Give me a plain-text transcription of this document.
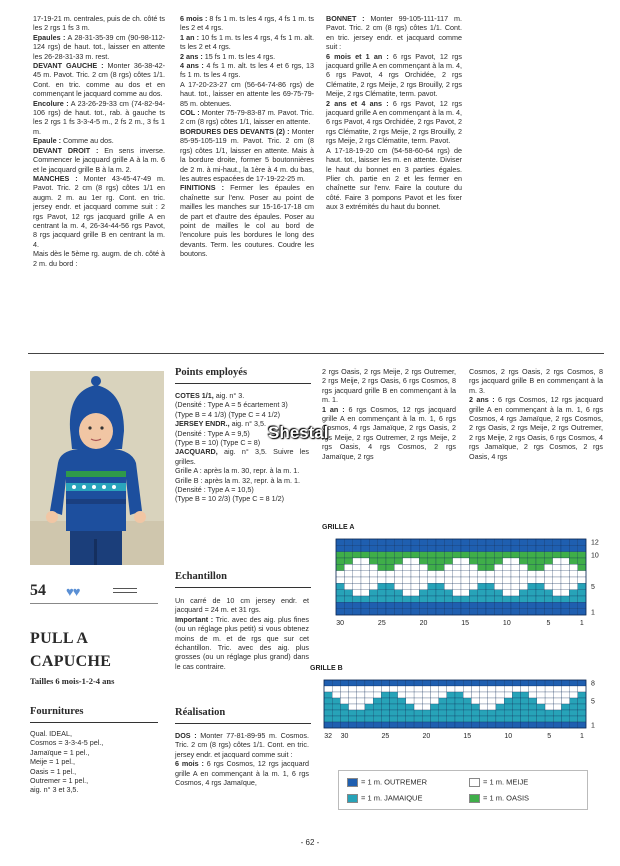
17-19-21 m. centrales, puis de ch. côté ts les 2 rgs 1 fs 3 m.

Epaules : A 28-31-35-39 cm (90-98-112-124 rgs) de haut. tot., laisser en attente les 26-28-31-33 m. rest.

DEVANT GAUCHE : Monter 36-38-42-45 m. Pavot. Tric. 2 cm (8 rgs) côtes 1/1. Cont. en tric. comme au dos et en commençant le jacquard comme au dos.

Encolure : A 23-26-29-33 cm (74-82-94-106 rgs) de haut. tot., rab. à gauche ts les 2 rgs 1 fs 3-3-4-5 m., 2 fs 2 m., 3 fs 1 m.

Epaule : Comme au dos.

DEVANT DROIT : En sens inverse. Commencer le jacquard grille A à la m. 6 et le jacquard grille B à la m. 2.

MANCHES : Monter 43-45-47-49 m. Pavot. Tric. 2 cm (8 rgs) côtes 1/1 en augm. 2 m. au 1er rg. Cont. en tric. jersey endr. et jacquard comme suit : 2 rgs Pavot, 12 rgs jacquard grille A en centrant la m. 4, 26-34-44-56 rgs Pavot, 8 rgs jacquard grille B en centrant la m. 4.

Mais dès le 5ème rg. augm. de ch. côté à 2 m. du bord :

6 mois : 8 fs 1 m. ts les 4 rgs, 4 fs 1 m. ts les 2 et 4 rgs.

1 an : 10 fs 1 m. ts les 4 rgs, 4 fs 1 m. alt. ts les 2 et 4 rgs.

2 ans : 15 fs 1 m. ts les 4 rgs.

4 ans : 4 fs 1 m. alt. ts les 4 et 6 rgs, 13 fs 1 m. ts les 4 rgs.

A 17-20-23-27 cm (56-64-74-86 rgs) de haut. tot., laisser en attente les 69-75-79-85 m. obtenues.

COL : Monter 75-79-83-87 m. Pavot. Tric. 2 cm (8 rgs) côtes 1/1, laisser en attente.

BORDURES DES DEVANTS (2) : Monter 85-95-105-119 m. Pavot. Tric. 2 cm (8 rgs) côtes 1/1, laisser en attente. Mais à la bordure droite, former 5 boutonnières de 2 m. à mi-haut., la 1ère à 4 m. du bas, les autres espacées de 17-19-22-25 m.

FINITIONS : Fermer les épaules en chaînette sur l'env. Poser au point de mailles les manches sur 15-16-17-18 cm de part et d'autre des épaules. Poser au point de mailles le col au bord de l'encolure puis les bordures le long des devants. Term. les coutures. Coudre les boutons.

BONNET : Monter 99-105-111-117 m. Pavot. Tric. 2 cm (8 rgs) côtes 1/1. Cont. en tric. jersey endr. et jacquard comme suit :

6 mois et 1 an : 6 rgs Pavot, 12 rgs jacquard grille A en commençant à la m. 4, 6 rgs Pavot, 4 rgs Orchidée, 2 rgs Clématite, 2 rgs Meije, 2 rgs Brouilly, 2 rgs Meije, 2 rgs Clématite, term. pavot.

2 ans et 4 ans : 6 rgs Pavot, 12 rgs jacquard grille A en commençant à la m. 4, 6 rgs Pavot, 4 rgs Orchidée, 2 rgs Pavot, 2 rgs Clématite, 2 rgs Meije, 2 rgs Brouilly, 2 rgs Meije, 2 rgs Clématite, term. Pavot.

A 17-18-19-20 cm (54-58-60-64 rgs) de haut. tot., laisser les m. en attente. Diviser le haut du bonnet en 3 parties égales. Plier ch. partie en 2 et les fermer en chaînette sur l'env. Faire la couture du côté. Faire 3 pompons Pavot et les fixer aux 3 extrémités du haut du bonnet.

54 ♥♥
PULL A
CAPUCHE
Tailles 6 mois-1-2-4 ans
Fournitures

Qual. IDEAL,

Cosmos = 3-3-4-5 pel.,

Jamaïque = 1 pel.,

Meije = 1 pel.,

Oasis = 1 pel.,

Outremer = 1 pel.,

aig. n° 3 et 3,5.

Points employés

COTES 1/1, aig. n° 3.

(Densité : Type A = 5 écartement 3)

(Type B = 4 1/3) (Type C = 4 1/2)

JERSEY ENDR., aig. n° 3,5.

(Densité : Type A = 9,5)

(Type B = 10) (Type C = 8)

JACQUARD, aig. n° 3,5. Suivre les grilles.

Grille A : après la m. 30, repr. à la m. 1.

Grille B : après la m. 32, repr. à la m. 1.

(Densité : Type A = 10,5)

(Type B = 10 2/3) (Type C = 8 1/2)

Echantillon

Un carré de 10 cm jersey endr. et jacquard = 24 m. et 31 rgs.

Important : Tric. avec des aig. plus fines (ou un réglage plus petit) si vous obtenez moins de m. et de rgs que sur cet échantillon. Tric. avec des aig. plus grosses (ou un réglage plus grand) dans le cas contraire.

Réalisation

DOS : Monter 77-81-89-95 m. Cosmos. Tric. 2 cm (8 rgs) côtes 1/1. Cont. en tric. jersey endr. et jacquard comme suit :

6 mois : 6 rgs Cosmos, 12 rgs jacquard grille A en commençant à la m. 1, 6 rgs Cosmos, 4 rgs Jamaïque,

2 rgs Oasis, 2 rgs Meije, 2 rgs Outremer, 2 rgs Meije, 2 rgs Oasis, 6 rgs Cosmos, 8 rgs jacquard grille B en commençant à la m. 1.

1 an : 6 rgs Cosmos, 12 rgs jacquard grille A en commençant à la m. 1, 6 rgs Cosmos, 4 rgs Jamaïque, 2 rgs Oasis, 2 rgs Meije, 2 rgs Outremer, 2 rgs Meije, 2 rgs Oasis, 4 rgs Cosmos, 2 rgs Jamaïque, 2 rgs

Cosmos, 2 rgs Oasis, 2 rgs Cosmos, 8 rgs jacquard grille B en commençant à la m. 3.

2 ans : 6 rgs Cosmos, 12 rgs jacquard grille A en commençant à la m. 1, 6 rgs Cosmos, 4 rgs Jamaïque, 2 rgs Cosmos, 2 rgs Oasis, 2 rgs Meije, 2 rgs Outremer, 2 rgs Meije, 2 rgs Oasis, 6 rgs Cosmos, 4 rgs Jamaïque, 2 rgs Cosmos, 2 rgs Oasis, 4 rgs

Shestal
GRILLE A
30	25	20	15	10	5	1
12
10
5
1
GRILLE B
32 30	25	20	15	10	5	1
8
5
1
= 1 m. OUTREMER
= 1 m. JAMAIQUE
= 1 m. MEIJE
= 1 m. OASIS
- 62 -
